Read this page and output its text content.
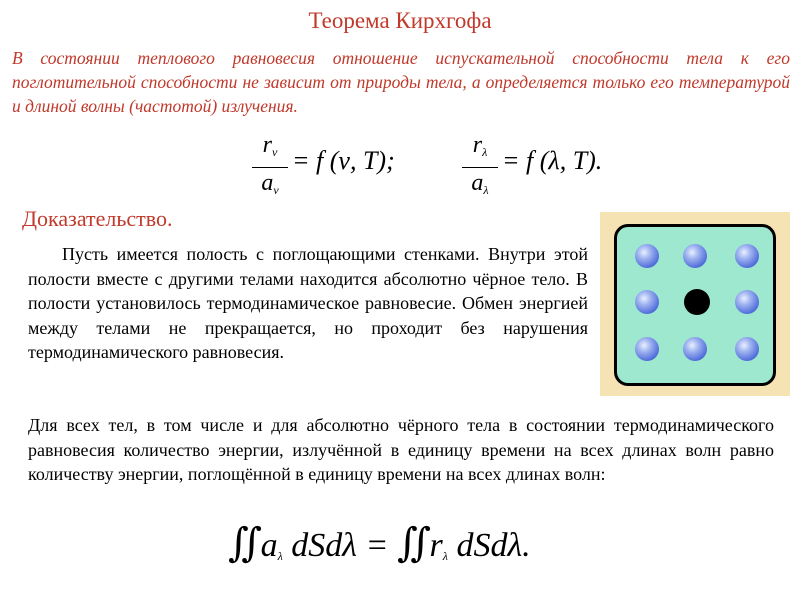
Теорема Кирхгофа
В состоянии теплового равновесия отношение испускательной способности тела к его поглотительной способности не зависит от природы тела, а определяется только его температурой и длиной волны (частотой) излучения.
$r_\nu$
$a_\nu$
= f (ν, T);
$r_\lambda$
$a_\lambda$
= f (λ, T).
Доказательство.
Пусть имеется полость с поглощающими стенками. Внутри этой полости вместе с другими телами находится абсолютно чёрное тело. В полости установилось термодинамическое равновесие. Обмен энергией между телами не прекращается, но проходит без нарушения термодинамического равновесия.
Для всех тел, в том числе и для абсолютно чёрного тела в состоянии термодинамического равновесия количество энергии, излучённой в единицу времени на всех длинах волн равно количеству энергии, поглощённой в единицу времени на всех длинах волн:
∬ $a_\lambda$ dSdλ = ∬ $r_\lambda$ dSdλ.
